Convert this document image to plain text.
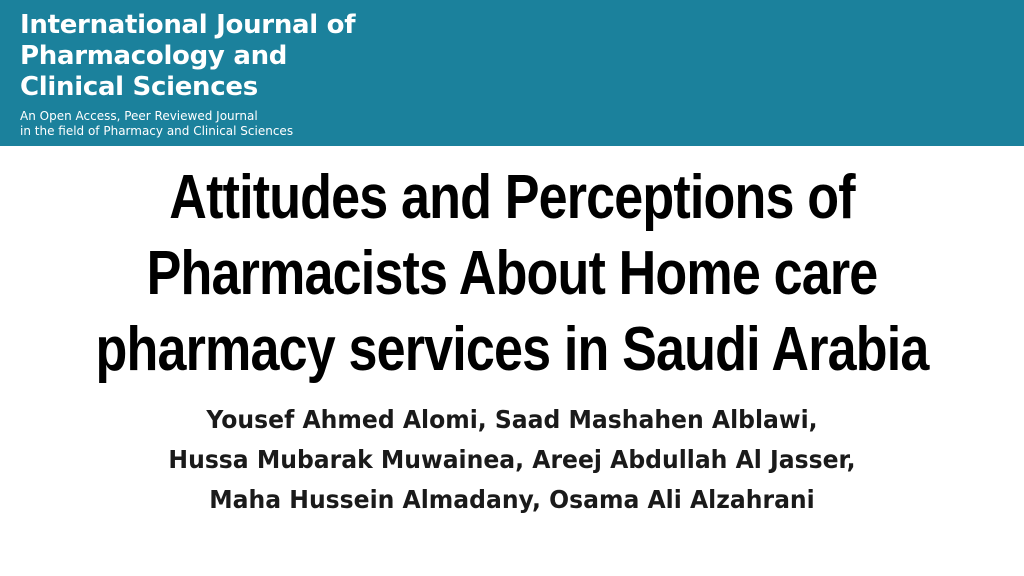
International Journal of
Pharmacology and
Clinical Sciences
An Open Access, Peer Reviewed Journal
in the field of Pharmacy and Clinical Sciences
Attitudes and Perceptions of
Pharmacists About Home care
pharmacy services in Saudi Arabia
Yousef Ahmed Alomi, Saad Mashahen Alblawi,
Hussa Mubarak Muwainea, Areej Abdullah Al Jasser,
Maha Hussein Almadany, Osama Ali Alzahrani
